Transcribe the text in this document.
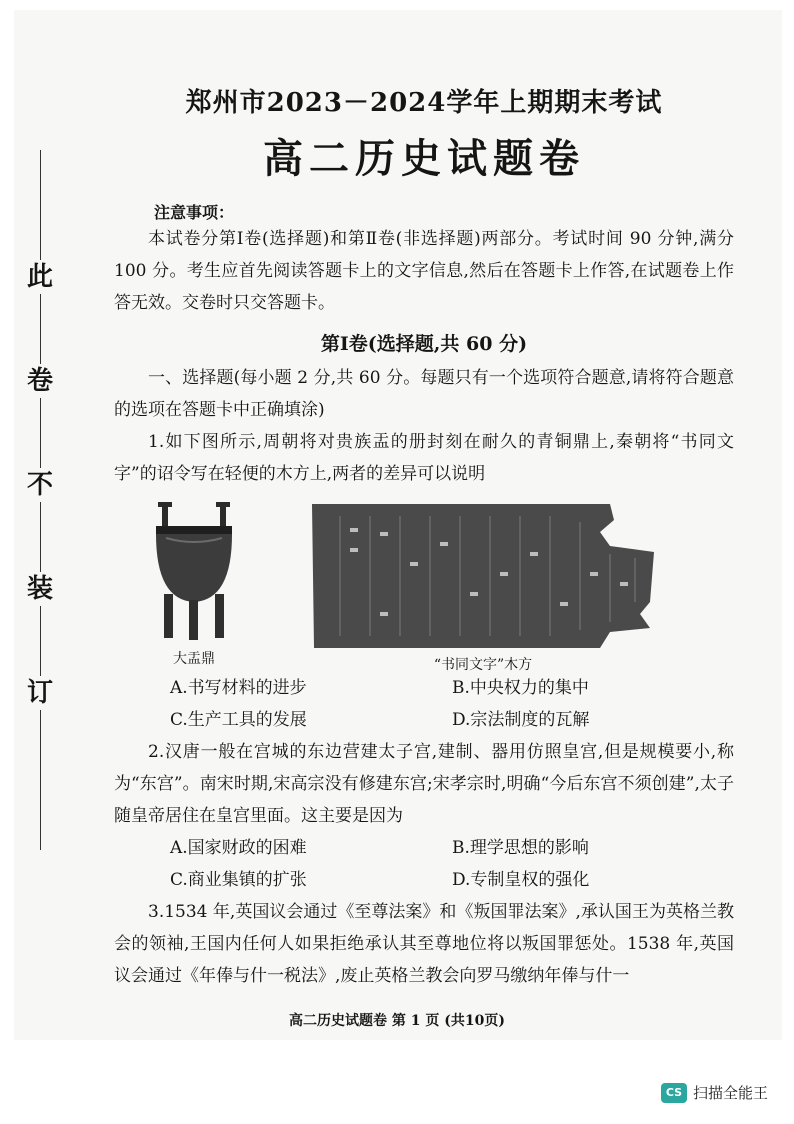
此
卷
不
装
订
郑州市2023－2024学年上期期末考试
高二历史试题卷
注意事项：

本试卷分第Ⅰ卷(选择题)和第Ⅱ卷(非选择题)两部分。考试时间 90 分钟,满分 100 分。考生应首先阅读答题卡上的文字信息,然后在答题卡上作答,在试题卷上作答无效。交卷时只交答题卡。

第Ⅰ卷(选择题,共 60 分)

一、选择题(每小题 2 分,共 60 分。每题只有一个选项符合题意,请将符合题意的选项在答题卡中正确填涂)

1.如下图所示,周朝将对贵族盂的册封刻在耐久的青铜鼎上,秦朝将“书同文字”的诏令写在轻便的木方上,两者的差异可以说明

大盂鼎	“书同文字”木方
A.书写材料的进步	B.中央权力的集中
C.生产工具的发展	D.宗法制度的瓦解

2.汉唐一般在宫城的东边营建太子宫,建制、器用仿照皇宫,但是规模要小,称为“东宫”。南宋时期,宋高宗没有修建东宫;宋孝宗时,明确“今后东宫不须创建”,太子随皇帝居住在皇宫里面。这主要是因为

A.国家财政的困难	B.理学思想的影响
C.商业集镇的扩张	D.专制皇权的强化

3.1534 年,英国议会通过《至尊法案》和《叛国罪法案》,承认国王为英格兰教会的领袖,王国内任何人如果拒绝承认其至尊地位将以叛国罪惩处。1538 年,英国议会通过《年俸与什一税法》,废止英格兰教会向罗马缴纳年俸与什一

高二历史试题卷 第 1 页 (共10页)
CS 扫描全能王
